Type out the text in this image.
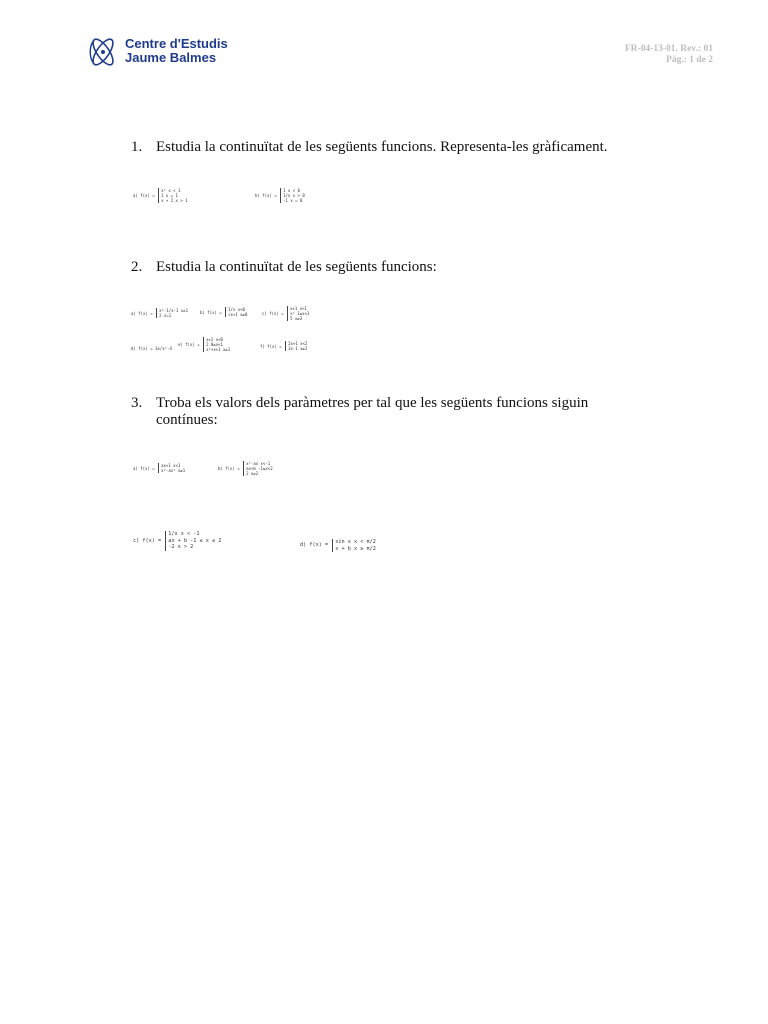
Centre d'Estudis
Jaume Balmes
FR-04-13-01. Rev.: 01
Pàg.: 1 de 2
1. Estudia la continuïtat de les següents funcions. Representa-les gràficament.
a) f(x) =
x² x < 1
1 x = 1
x + 2 x > 1
b) f(x) =
1 x < 0
1/x x > 0
-1 x = 0
2. Estudia la continuïtat de les següents funcions:
a) f(x) = x²-1/x-1 x≠1
2 x=1
b) f(x) = 1/x x<0
√x+1 x≥0	c) f(x) =
x+1 x<1
x² 1≤x<3
5 x≥3
d) f(x) = 3x/x²-4
e) f(x) =
x+2 x<0
2 0≤x<1
x²+x+1 x≥1
f) f(x) = 2x+1 x<2
3x-1 x≥2
3. Troba els valors dels paràmetres per tal que les següents funcions siguin contínues:
a) f(x) = ax+1 x<1
x²-ax² x≥1	b) f(x) =
x²-ax x<-1
ax+b -1≤x<2
2 x≥2
c) f(x) =
1/x x < -1
ax + b -1 ≤ x ≤ 2
-2 x > 2	d) f(x) =
sin x x < π/2
x + b x ≥ π/2
